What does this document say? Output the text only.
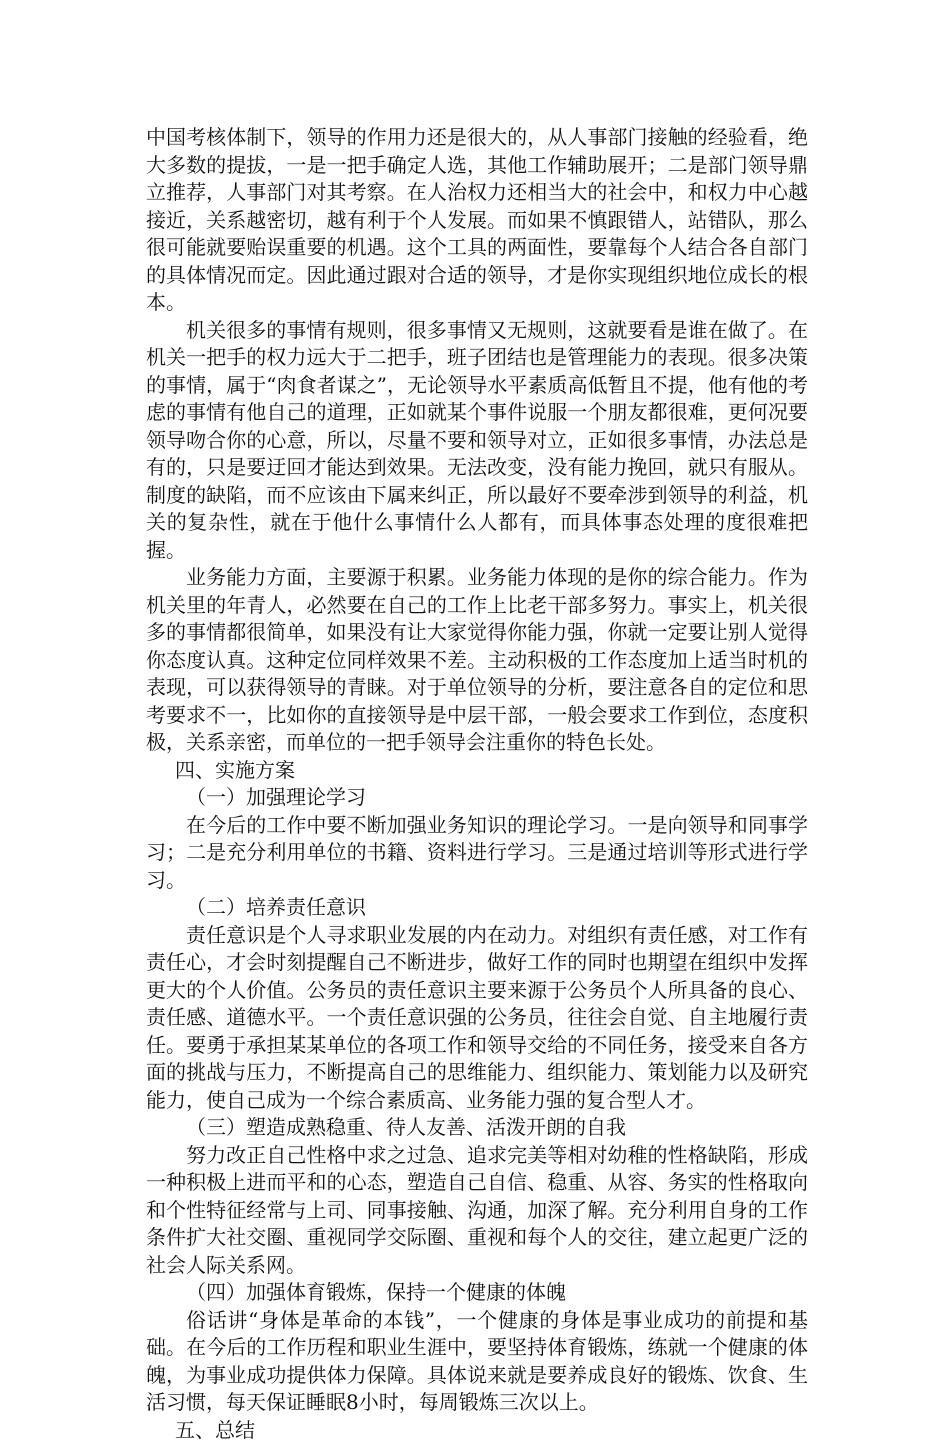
中国考核体制下，领导的作用力还是很大的，从人事部门接触的经验看，绝大多数的提拔，一是一把手确定人选，其他工作辅助展开；二是部门领导鼎立推荐，人事部门对其考察。在人治权力还相当大的社会中，和权力中心越接近，关系越密切，越有利于个人发展。而如果不慎跟错人，站错队，那么很可能就要贻误重要的机遇。这个工具的两面性，要靠每个人结合各自部门的具体情况而定。因此通过跟对合适的领导，才是你实现组织地位成长的根本。

机关很多的事情有规则，很多事情又无规则，这就要看是谁在做了。在机关一把手的权力远大于二把手，班子团结也是管理能力的表现。很多决策的事情，属于“肉食者谋之”，无论领导水平素质高低暂且不提，他有他的考虑的事情有他自己的道理，正如就某个事件说服一个朋友都很难，更何况要领导吻合你的心意，所以，尽量不要和领导对立，正如很多事情，办法总是有的，只是要迂回才能达到效果。无法改变，没有能力挽回，就只有服从。制度的缺陷，而不应该由下属来纠正，所以最好不要牵涉到领导的利益，机关的复杂性，就在于他什么事情什么人都有，而具体事态处理的度很难把握。

业务能力方面，主要源于积累。业务能力体现的是你的综合能力。作为机关里的年青人，必然要在自己的工作上比老干部多努力。事实上，机关很多的事情都很简单，如果没有让大家觉得你能力强，你就一定要让别人觉得你态度认真。这种定位同样效果不差。主动积极的工作态度加上适当时机的表现，可以获得领导的青睐。对于单位领导的分析，要注意各自的定位和思考要求不一，比如你的直接领导是中层干部，一般会要求工作到位，态度积极，关系亲密，而单位的一把手领导会注重你的特色长处。

四、实施方案

（一）加强理论学习

在今后的工作中要不断加强业务知识的理论学习。一是向领导和同事学习；二是充分利用单位的书籍、资料进行学习。三是通过培训等形式进行学习。

（二）培养责任意识

责任意识是个人寻求职业发展的内在动力。对组织有责任感，对工作有责任心，才会时刻提醒自己不断进步，做好工作的同时也期望在组织中发挥更大的个人价值。公务员的责任意识主要来源于公务员个人所具备的良心、责任感、道德水平。一个责任意识强的公务员，往往会自觉、自主地履行责任。要勇于承担某某单位的各项工作和领导交给的不同任务，接受来自各方面的挑战与压力，不断提高自己的思维能力、组织能力、策划能力以及研究能力，使自己成为一个综合素质高、业务能力强的复合型人才。

（三）塑造成熟稳重、待人友善、活泼开朗的自我

努力改正自己性格中求之过急、追求完美等相对幼稚的性格缺陷，形成一种积极上进而平和的心态，塑造自己自信、稳重、从容、务实的性格取向和个性特征经常与上司、同事接触、沟通，加深了解。充分利用自身的工作条件扩大社交圈、重视同学交际圈、重视和每个人的交往，建立起更广泛的社会人际关系网。

（四）加强体育锻炼，保持一个健康的体魄

俗话讲“身体是革命的本钱”，一个健康的身体是事业成功的前提和基础。在今后的工作历程和职业生涯中，要坚持体育锻炼，练就一个健康的体魄，为事业成功提供体力保障。具体说来就是要养成良好的锻炼、饮食、生活习惯，每天保证睡眠8小时，每周锻炼三次以上。

五、总结
